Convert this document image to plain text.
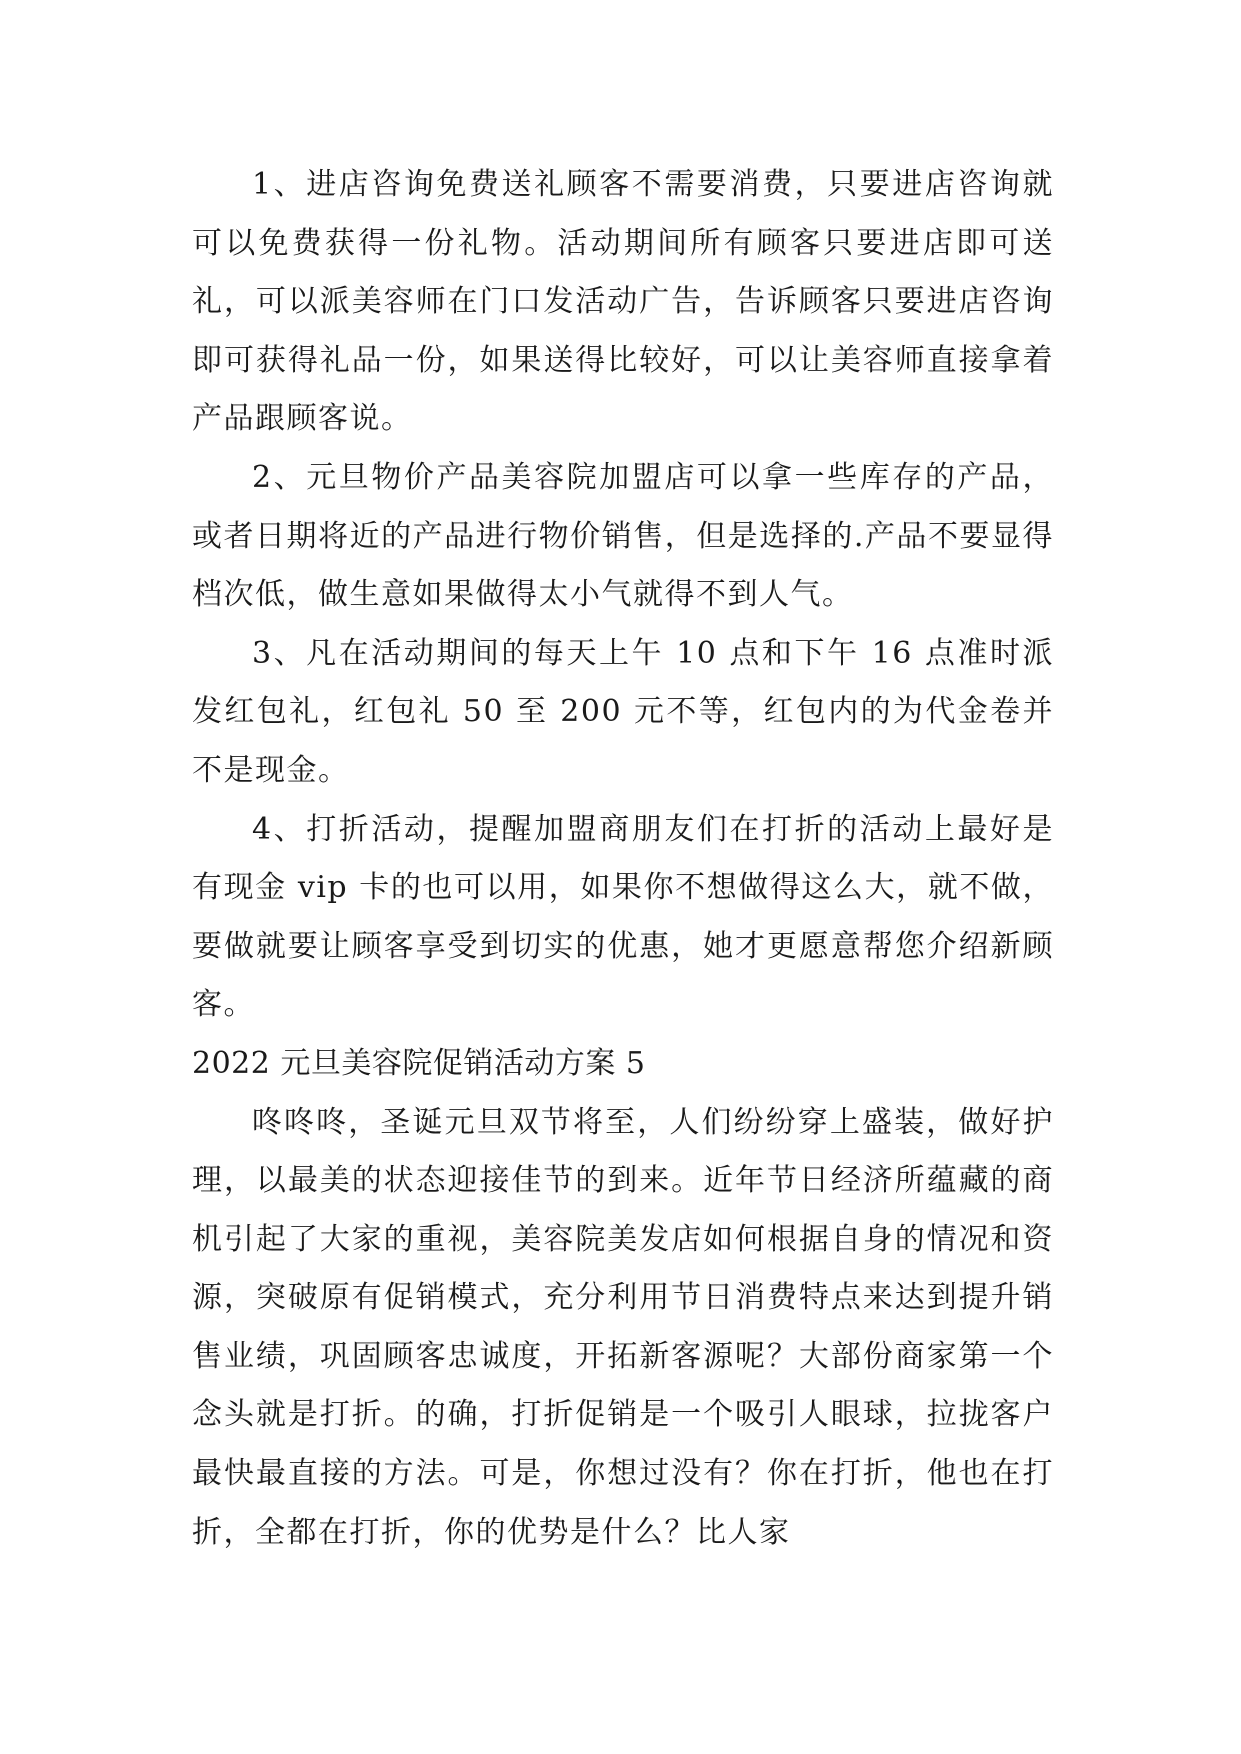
1、进店咨询免费送礼顾客不需要消费，只要进店咨询就可以免费获得一份礼物。活动期间所有顾客只要进店即可送礼，可以派美容师在门口发活动广告，告诉顾客只要进店咨询即可获得礼品一份，如果送得比较好，可以让美容师直接拿着产品跟顾客说。

2、元旦物价产品美容院加盟店可以拿一些库存的产品，或者日期将近的产品进行物价销售，但是选择的.产品不要显得档次低，做生意如果做得太小气就得不到人气。

3、凡在活动期间的每天上午 10 点和下午 16 点准时派发红包礼，红包礼 50 至 200 元不等，红包内的为代金卷并不是现金。

4、打折活动，提醒加盟商朋友们在打折的活动上最好是有现金 vip 卡的也可以用，如果你不想做得这么大，就不做，要做就要让顾客享受到切实的优惠，她才更愿意帮您介绍新顾客。

2022 元旦美容院促销活动方案 5

咚咚咚，圣诞元旦双节将至，人们纷纷穿上盛装，做好护理，以最美的状态迎接佳节的到来。近年节日经济所蕴藏的商机引起了大家的重视，美容院美发店如何根据自身的情况和资源，突破原有促销模式，充分利用节日消费特点来达到提升销售业绩，巩固顾客忠诚度，开拓新客源呢？大部份商家第一个念头就是打折。的确，打折促销是一个吸引人眼球，拉拢客户最快最直接的方法。可是，你想过没有？你在打折，他也在打折，全都在打折，你的优势是什么？比人家
